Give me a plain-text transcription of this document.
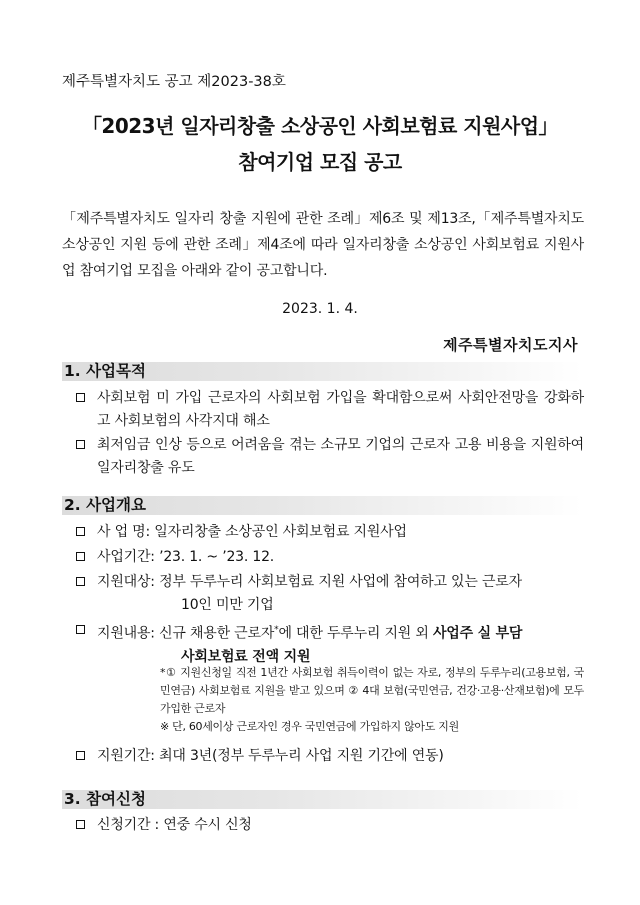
제주특별자치도 공고 제2023-38호
「2023년 일자리창출 소상공인 사회보험료 지원사업」
참여기업 모집 공고
「제주특별자치도 일자리 창출 지원에 관한 조례」제6조 및 제13조,「제주특별자치도 소상공인 지원 등에 관한 조례」제4조에 따라 일자리창출 소상공인 사회보험료 지원사업 참여기업 모집을 아래와 같이 공고합니다.
2023. 1. 4.
제주특별자치도지사
1. 사업목적
사회보험 미 가입 근로자의 사회보험 가입을 확대함으로써 사회안전망을 강화하고 사회보험의 사각지대 해소
최저임금 인상 등으로 어려움을 겪는 소규모 기업의 근로자 고용 비용을 지원하여 일자리창출 유도
2. 사업개요
사 업 명: 일자리창출 소상공인 사회보험료 지원사업
사업기간: ’23. 1. ~ ’23. 12.
지원대상: 정부 두루누리 사회보험료 지원 사업에 참여하고 있는 근로자
10인 미만 기업
지원내용: 신규 채용한 근로자*에 대한 두루누리 지원 외 사업주 실 부담
사회보험료 전액 지원
*① 지원신청일 직전 1년간 사회보험 취득이력이 없는 자로, 정부의 두루누리(고용보험, 국민연금) 사회보험료 지원을 받고 있으며 ② 4대 보험(국민연금, 건강·고용·산재보험)에 모두 가입한 근로자
※ 단, 60세이상 근로자인 경우 국민연금에 가입하지 않아도 지원
지원기간: 최대 3년(정부 두루누리 사업 지원 기간에 연동)
3. 참여신청
신청기간 : 연중 수시 신청
